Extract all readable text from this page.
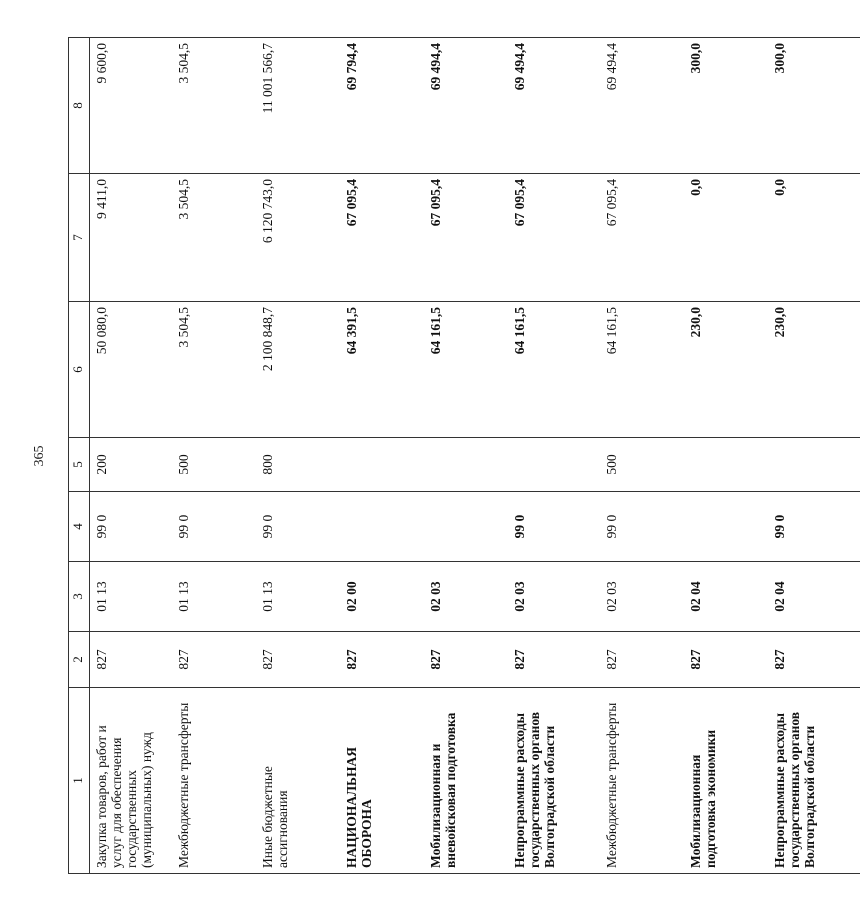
365
1	2	3	4	5	6	7	8
Закупка товаров, работ и услуг для обеспечения государственных (муниципальных) нужд	827	01 13	99 0	200	50 080,0	9 411,0	9 600,0
Межбюджетные трансферты	827	01 13	99 0	500	3 504,5	3 504,5	3 504,5
Иные бюджетные ассигнования	827	01 13	99 0	800	2 100 848,7	6 120 743,0	11 001 566,7
НАЦИОНАЛЬНАЯ ОБОРОНА	827	02 00			64 391,5	67 095,4	69 794,4
Мобилизационная и вневойсковая подготовка	827	02 03			64 161,5	67 095,4	69 494,4
Непрограммные расходы государственных органов Волгоградской области	827	02 03	99 0		64 161,5	67 095,4	69 494,4
Межбюджетные трансферты	827	02 03	99 0	500	64 161,5	67 095,4	69 494,4
Мобилизационная подготовка экономики	827	02 04			230,0	0,0	300,0
Непрограммные расходы государственных органов Волгоградской области	827	02 04	99 0		230,0	0,0	300,0
